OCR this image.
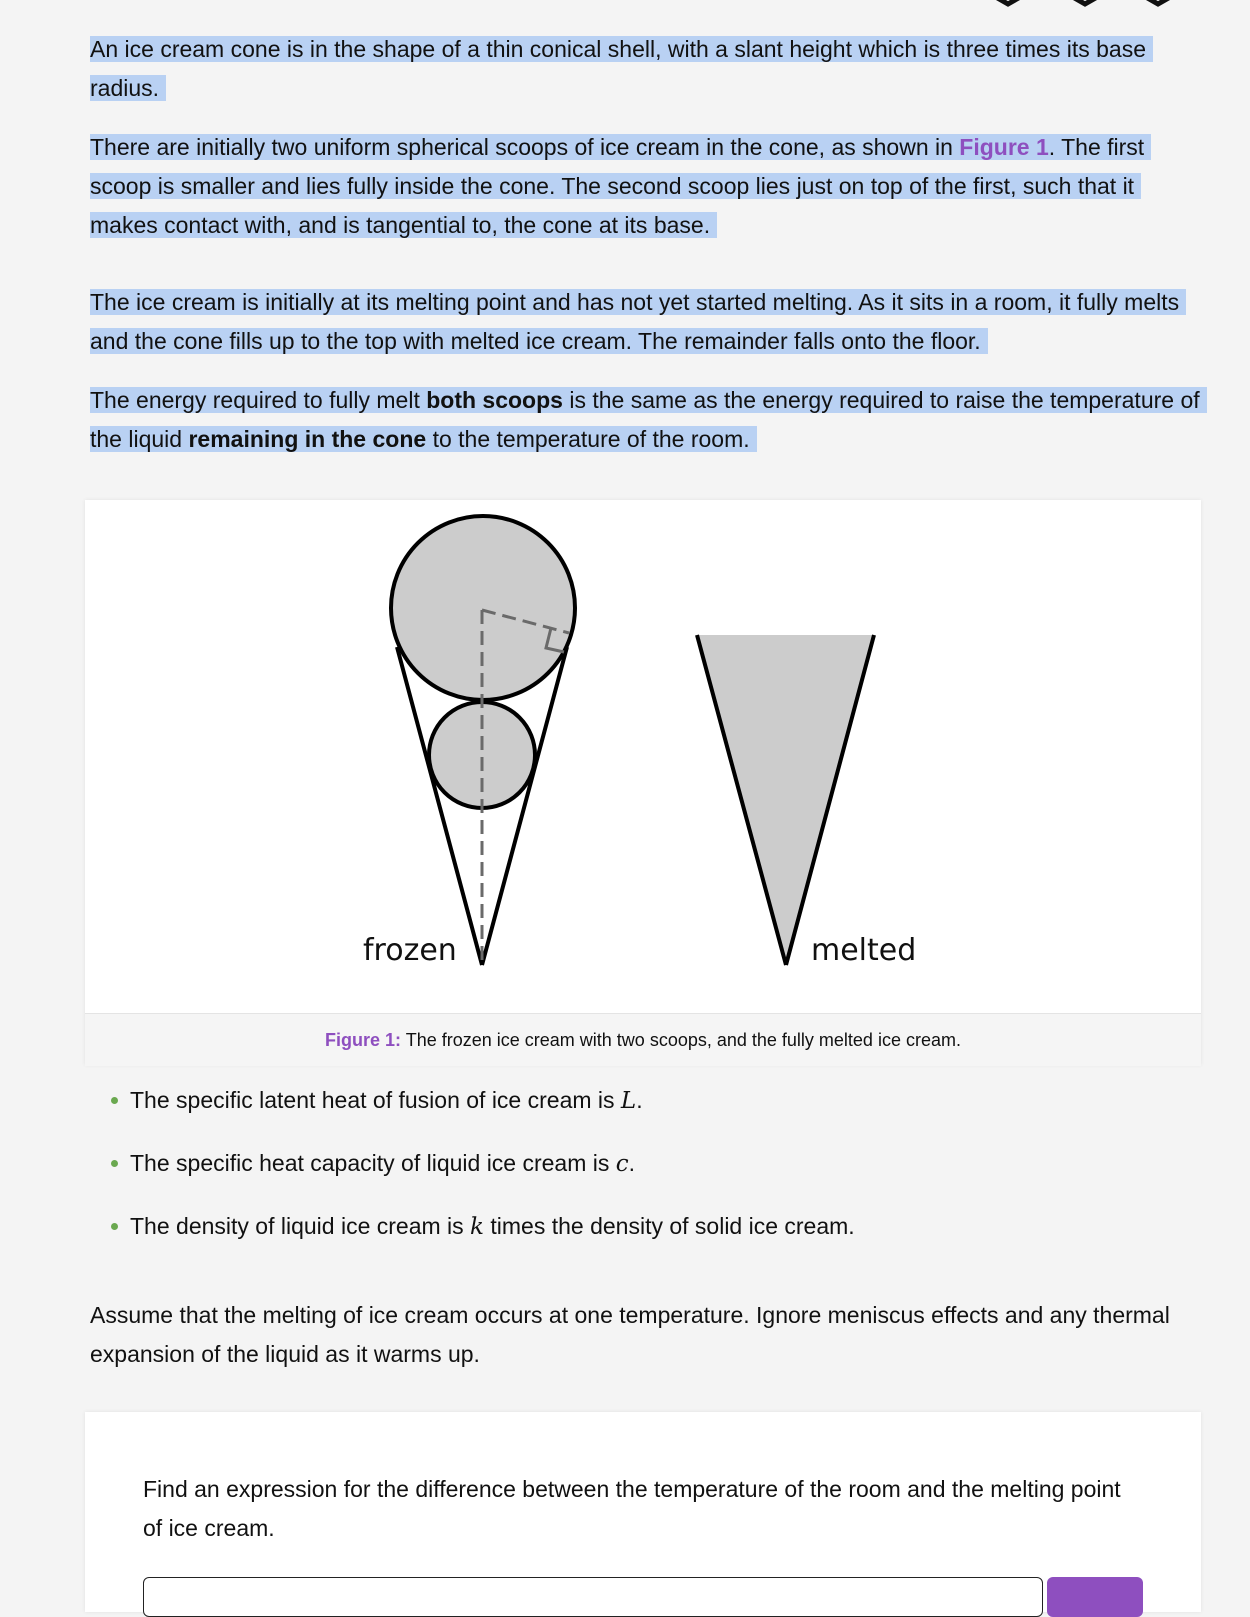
An ice cream cone is in the shape of a thin conical shell, with a slant height which is three times its base radius.

There are initially two uniform spherical scoops of ice cream in the cone, as shown in Figure 1. The first scoop is smaller and lies fully inside the cone. The second scoop lies just on top of the first, such that it makes contact with, and is tangential to, the cone at its base.

The ice cream is initially at its melting point and has not yet started melting. As it sits in a room, it fully melts and the cone fills up to the top with melted ice cream. The remainder falls onto the floor.

The energy required to fully melt both scoops is the same as the energy required to raise the temperature of the liquid remaining in the cone to the temperature of the room.

frozen	melted
Figure 1: The frozen ice cream with two scoops, and the fully melted ice cream.
The specific latent heat of fusion of ice cream is L.
The specific heat capacity of liquid ice cream is c.
The density of liquid ice cream is k times the density of solid ice cream.

Assume that the melting of ice cream occurs at one temperature. Ignore meniscus effects and any thermal expansion of the liquid as it warms up.

Find an expression for the difference between the temperature of the room and the melting point of ice cream.
